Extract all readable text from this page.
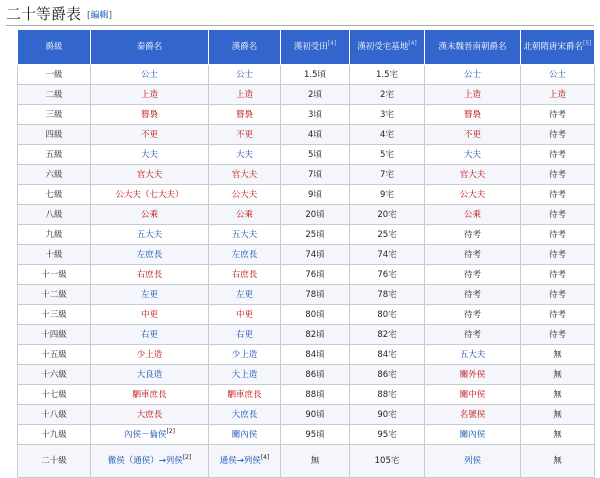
二十等爵表 [編輯]
爵級	秦爵名	漢爵名	漢初受田[4]	漢初受宅基地[4]	漢末魏晉南朝爵名	北朝隋唐宋爵名[5]
一級	公士	公士	1.5頃	1.5宅	公士	公士
二級	上造	上造	2頃	2宅	上造	上造
三級	簪裊	簪裊	3頃	3宅	簪裊	待考
四級	不更	不更	4頃	4宅	不更	待考
五級	大夫	大夫	5頃	5宅	大夫	待考
六級	官大夫	官大夫	7頃	7宅	官大夫	待考
七級	公大夫（七大夫）	公大夫	9頃	9宅	公大夫	待考
八級	公乘	公乘	20頃	20宅	公乘	待考
九級	五大夫	五大夫	25頃	25宅	待考	待考
十級	左庶長	左庶長	74頃	74宅	待考	待考
十一級	右庶長	右庶長	76頃	76宅	待考	待考
十二級	左更	左更	78頃	78宅	待考	待考
十三級	中更	中更	80頃	80宅	待考	待考
十四級	右更	右更	82頃	82宅	待考	待考
十五級	少上造	少上造	84頃	84宅	五大夫	無
十六級	大良造	大上造	86頃	86宅	關外侯	無
十七級	駟車庶長	駟車庶長	88頃	88宅	關中侯	無
十八級	大庶長	大庶長	90頃	90宅	名號侯	無
十九級	內侯－倫侯[2]	關內侯	95頃	95宅	關內侯	無
二十級	徹侯（通侯）→列侯[2]	通侯→列侯[4]	無	105宅	列侯	無
